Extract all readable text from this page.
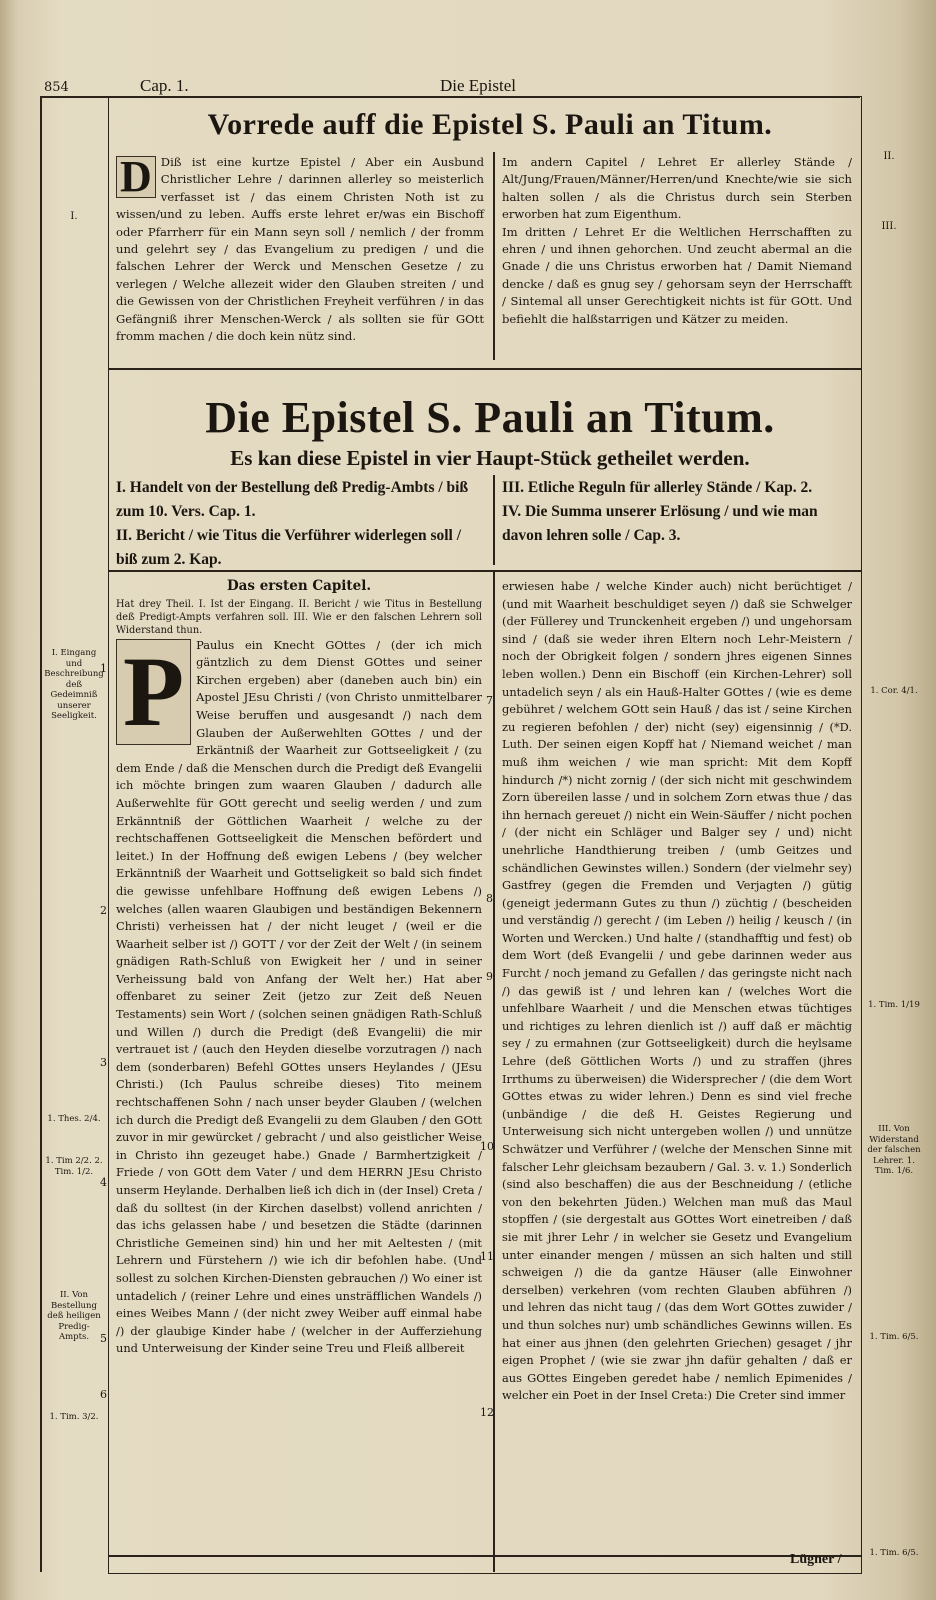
854	Cap. 1.	Die Epistel
Vorrede auff die Epistel S. Pauli an Titum.
D Diß ist eine kurtze Epistel / Aber ein Ausbund Christlicher Lehre / darinnen allerley so meisterlich verfasset ist / das einem Christen Noth ist zu wissen/und zu leben. Auffs erste lehret er/was ein Bischoff oder Pfarrherr für ein Mann seyn soll / nemlich / der fromm und gelehrt sey / das Evangelium zu predigen / und die falschen Lehrer der Werck und Menschen Gesetze / zu verlegen / Welche allezeit wider den Glauben streiten / und die Gewissen von der Christlichen Freyheit verführen / in das Gefängniß ihrer Menschen-Werck / als sollten sie für GOtt fromm machen / die doch kein nütz sind.

Im andern Capitel / Lehret Er allerley Stände / Alt/Jung/Frauen/Männer/Herren/und Knechte/wie sie sich halten sollen / als die Christus durch sein Sterben erworben hat zum Eigenthum.

Im dritten / Lehret Er die Weltlichen Herrschafften zu ehren / und ihnen gehorchen. Und zeucht abermal an die Gnade / die uns Christus erworben hat / Damit Niemand dencke / daß es gnug sey / gehorsam seyn der Herrschafft / Sintemal all unser Gerechtigkeit nichts ist für GOtt. Und befiehlt die halßstarrigen und Kätzer zu meiden.

Die Epistel S. Pauli an Titum.
Es kan diese Epistel in vier Haupt-Stück getheilet werden.

I. Handelt von der Bestellung deß Predig-Ambts / biß zum 10. Vers. Cap. 1.

II. Bericht / wie Titus die Verführer widerlegen soll / biß zum 2. Kap.

III. Etliche Reguln für allerley Stände / Kap. 2.

IV. Die Summa unserer Erlösung / und wie man davon lehren solle / Cap. 3.

Das ersten Capitel.

Hat drey Theil. I. Ist der Eingang. II. Bericht / wie Titus in Bestellung deß Predigt-Ampts verfahren soll. III. Wie er den falschen Lehrern soll Widerstand thun.

P	Paulus ein Knecht GOttes / (der ich mich gäntzlich zu dem Dienst GOttes und seiner Kirchen ergeben) aber (daneben auch bin) ein Apostel JEsu Christi / (von Christo unmittelbarer Weise beruffen und ausgesandt /) nach dem Glauben der Außerwehlten GOttes / und der Erkäntniß der Waarheit zur Gottseeligkeit / (zu dem Ende / daß die Menschen durch die Predigt deß Evangelii ich möchte bringen zum waaren Glauben / dadurch alle Außerwehlte für GOtt gerecht und seelig werden / und zum Erkänntniß der Göttlichen Waarheit / welche zu der rechtschaffenen Gottseeligkeit die Menschen befördert und leitet.) In der Hoffnung deß ewigen Lebens / (bey welcher Erkänntniß der Waarheit und Gottseligkeit so bald sich findet die gewisse unfehlbare Hoffnung deß ewigen Lebens /) welches (allen waaren Glaubigen und beständigen Bekennern Christi) verheissen hat / der nicht leuget / (weil er die Waarheit selber ist /) GOTT / vor der Zeit der Welt / (in seinem gnädigen Rath-Schluß von Ewigkeit her / und in seiner Verheissung bald von Anfang der Welt her.) Hat aber offenbaret zu seiner Zeit (jetzo zur Zeit deß Neuen Testaments) sein Wort / (solchen seinen gnädigen Rath-Schluß und Willen /) durch die Predigt (deß Evangelii) die mir vertrauet ist / (auch den Heyden dieselbe vorzutragen /) nach dem (sonderbaren) Befehl GOttes unsers Heylandes / (JEsu Christi.) (Ich Paulus schreibe dieses) Tito meinem rechtschaffenen Sohn / nach unser beyder Glauben / (welchen ich durch die Predigt deß Evangelii zu dem Glauben / den GOtt zuvor in mir gewürcket / gebracht / und also geistlicher Weise in Christo ihn gezeuget habe.) Gnade / Barmhertzigkeit / Friede / von GOtt dem Vater / und dem HERRN JEsu Christo unserm Heylande. Derhalben ließ ich dich in (der Insel) Creta / daß du solltest (in der Kirchen daselbst) vollend anrichten / das ichs gelassen habe / und besetzen die Städte (darinnen Christliche Gemeinen sind) hin und her mit Aeltesten / (mit Lehrern und Fürstehern /) wie ich dir befohlen habe. (Und sollest zu solchen Kirchen-Diensten gebrauchen /) Wo einer ist untadelich / (reiner Lehre und eines unsträfflichen Wandels /) eines Weibes Mann / (der nicht zwey Weiber auff einmal habe /) der glaubige Kinder habe / (welcher in der Aufferziehung und Unterweisung der Kinder seine Treu und Fleiß allbereit

erwiesen habe / welche Kinder auch) nicht berüchtiget / (und mit Waarheit beschuldiget seyen /) daß sie Schwelger (der Füllerey und Trunckenheit ergeben /) und ungehorsam sind / (daß sie weder ihren Eltern noch Lehr-Meistern / noch der Obrigkeit folgen / sondern jhres eigenen Sinnes leben wollen.) Denn ein Bischoff (ein Kirchen-Lehrer) soll untadelich seyn / als ein Hauß-Halter GOttes / (wie es deme gebühret / welchem GOtt sein Hauß / das ist / seine Kirchen zu regieren befohlen / der) nicht (sey) eigensinnig / (*D. Luth. Der seinen eigen Kopff hat / Niemand weichet / man muß ihm weichen / wie man spricht: Mit dem Kopff hindurch /*) nicht zornig / (der sich nicht mit geschwindem Zorn übereilen lasse / und in solchem Zorn etwas thue / das ihn hernach gereuet /) nicht ein Wein-Säuffer / nicht pochen / (der nicht ein Schläger und Balger sey / und) nicht unehrliche Handthierung treiben / (umb Geitzes und schändlichen Gewinstes willen.) Sondern (der vielmehr sey) Gastfrey (gegen die Fremden und Verjagten /) gütig (geneigt jedermann Gutes zu thun /) züchtig / (bescheiden und verständig /) gerecht / (im Leben /) heilig / keusch / (in Worten und Wercken.) Und halte / (standhafftig und fest) ob dem Wort (deß Evangelii / und gebe darinnen weder aus Furcht / noch jemand zu Gefallen / das geringste nicht nach /) das gewiß ist / und lehren kan / (welches Wort die unfehlbare Waarheit / und die Menschen etwas tüchtiges und richtiges zu lehren dienlich ist /) auff daß er mächtig sey / zu ermahnen (zur Gottseeligkeit) durch die heylsame Lehre (deß Göttlichen Worts /) und zu straffen (jhres Irrthums zu überweisen) die Widersprecher / (die dem Wort GOttes etwas zu wider lehren.) Denn es sind viel freche (unbändige / die deß H. Geistes Regierung und Unterweisung sich nicht untergeben wollen /) und unnütze Schwätzer und Verführer / (welche der Menschen Sinne mit falscher Lehr gleichsam bezaubern / Gal. 3. v. 1.) Sonderlich (sind also beschaffen) die aus der Beschneidung / (etliche von den bekehrten Jüden.) Welchen man muß das Maul stopffen / (sie dergestalt aus GOttes Wort einetreiben / daß sie mit jhrer Lehr / in welcher sie Gesetz und Evangelium unter einander mengen / müssen an sich halten und still schweigen /) die da gantze Häuser (alle Einwohner derselben) verkehren (vom rechten Glauben abführen /) und lehren das nicht taug / (das dem Wort GOttes zuwider / und thun solches nur) umb schändliches Gewinns willen. Es hat einer aus jhnen (den gelehrten Griechen) gesaget / jhr eigen Prophet / (wie sie zwar jhn dafür gehalten / daß er aus GOttes Eingeben geredet habe / nemlich Epimenides / welcher ein Poet in der Insel Creta:) Die Creter sind immer

Lügner /
1
2
3
4
5
6
7
8
9
10
11
12
I.
I. Eingang und Beschreibung deß Gedeimniß unserer Seeligkeit.
1. Thes. 2/4.
1. Tim 2/2. 2. Tim. 1/2.
II. Von Bestellung deß heiligen Predig-Ampts.
1. Tim. 3/2.
II.
III.
1. Cor. 4/1.
1. Tim. 1/19
III. Von Widerstand der falschen Lehrer. 1. Tim. 1/6.
1. Tim. 6/5.
1. Tim. 6/5.
